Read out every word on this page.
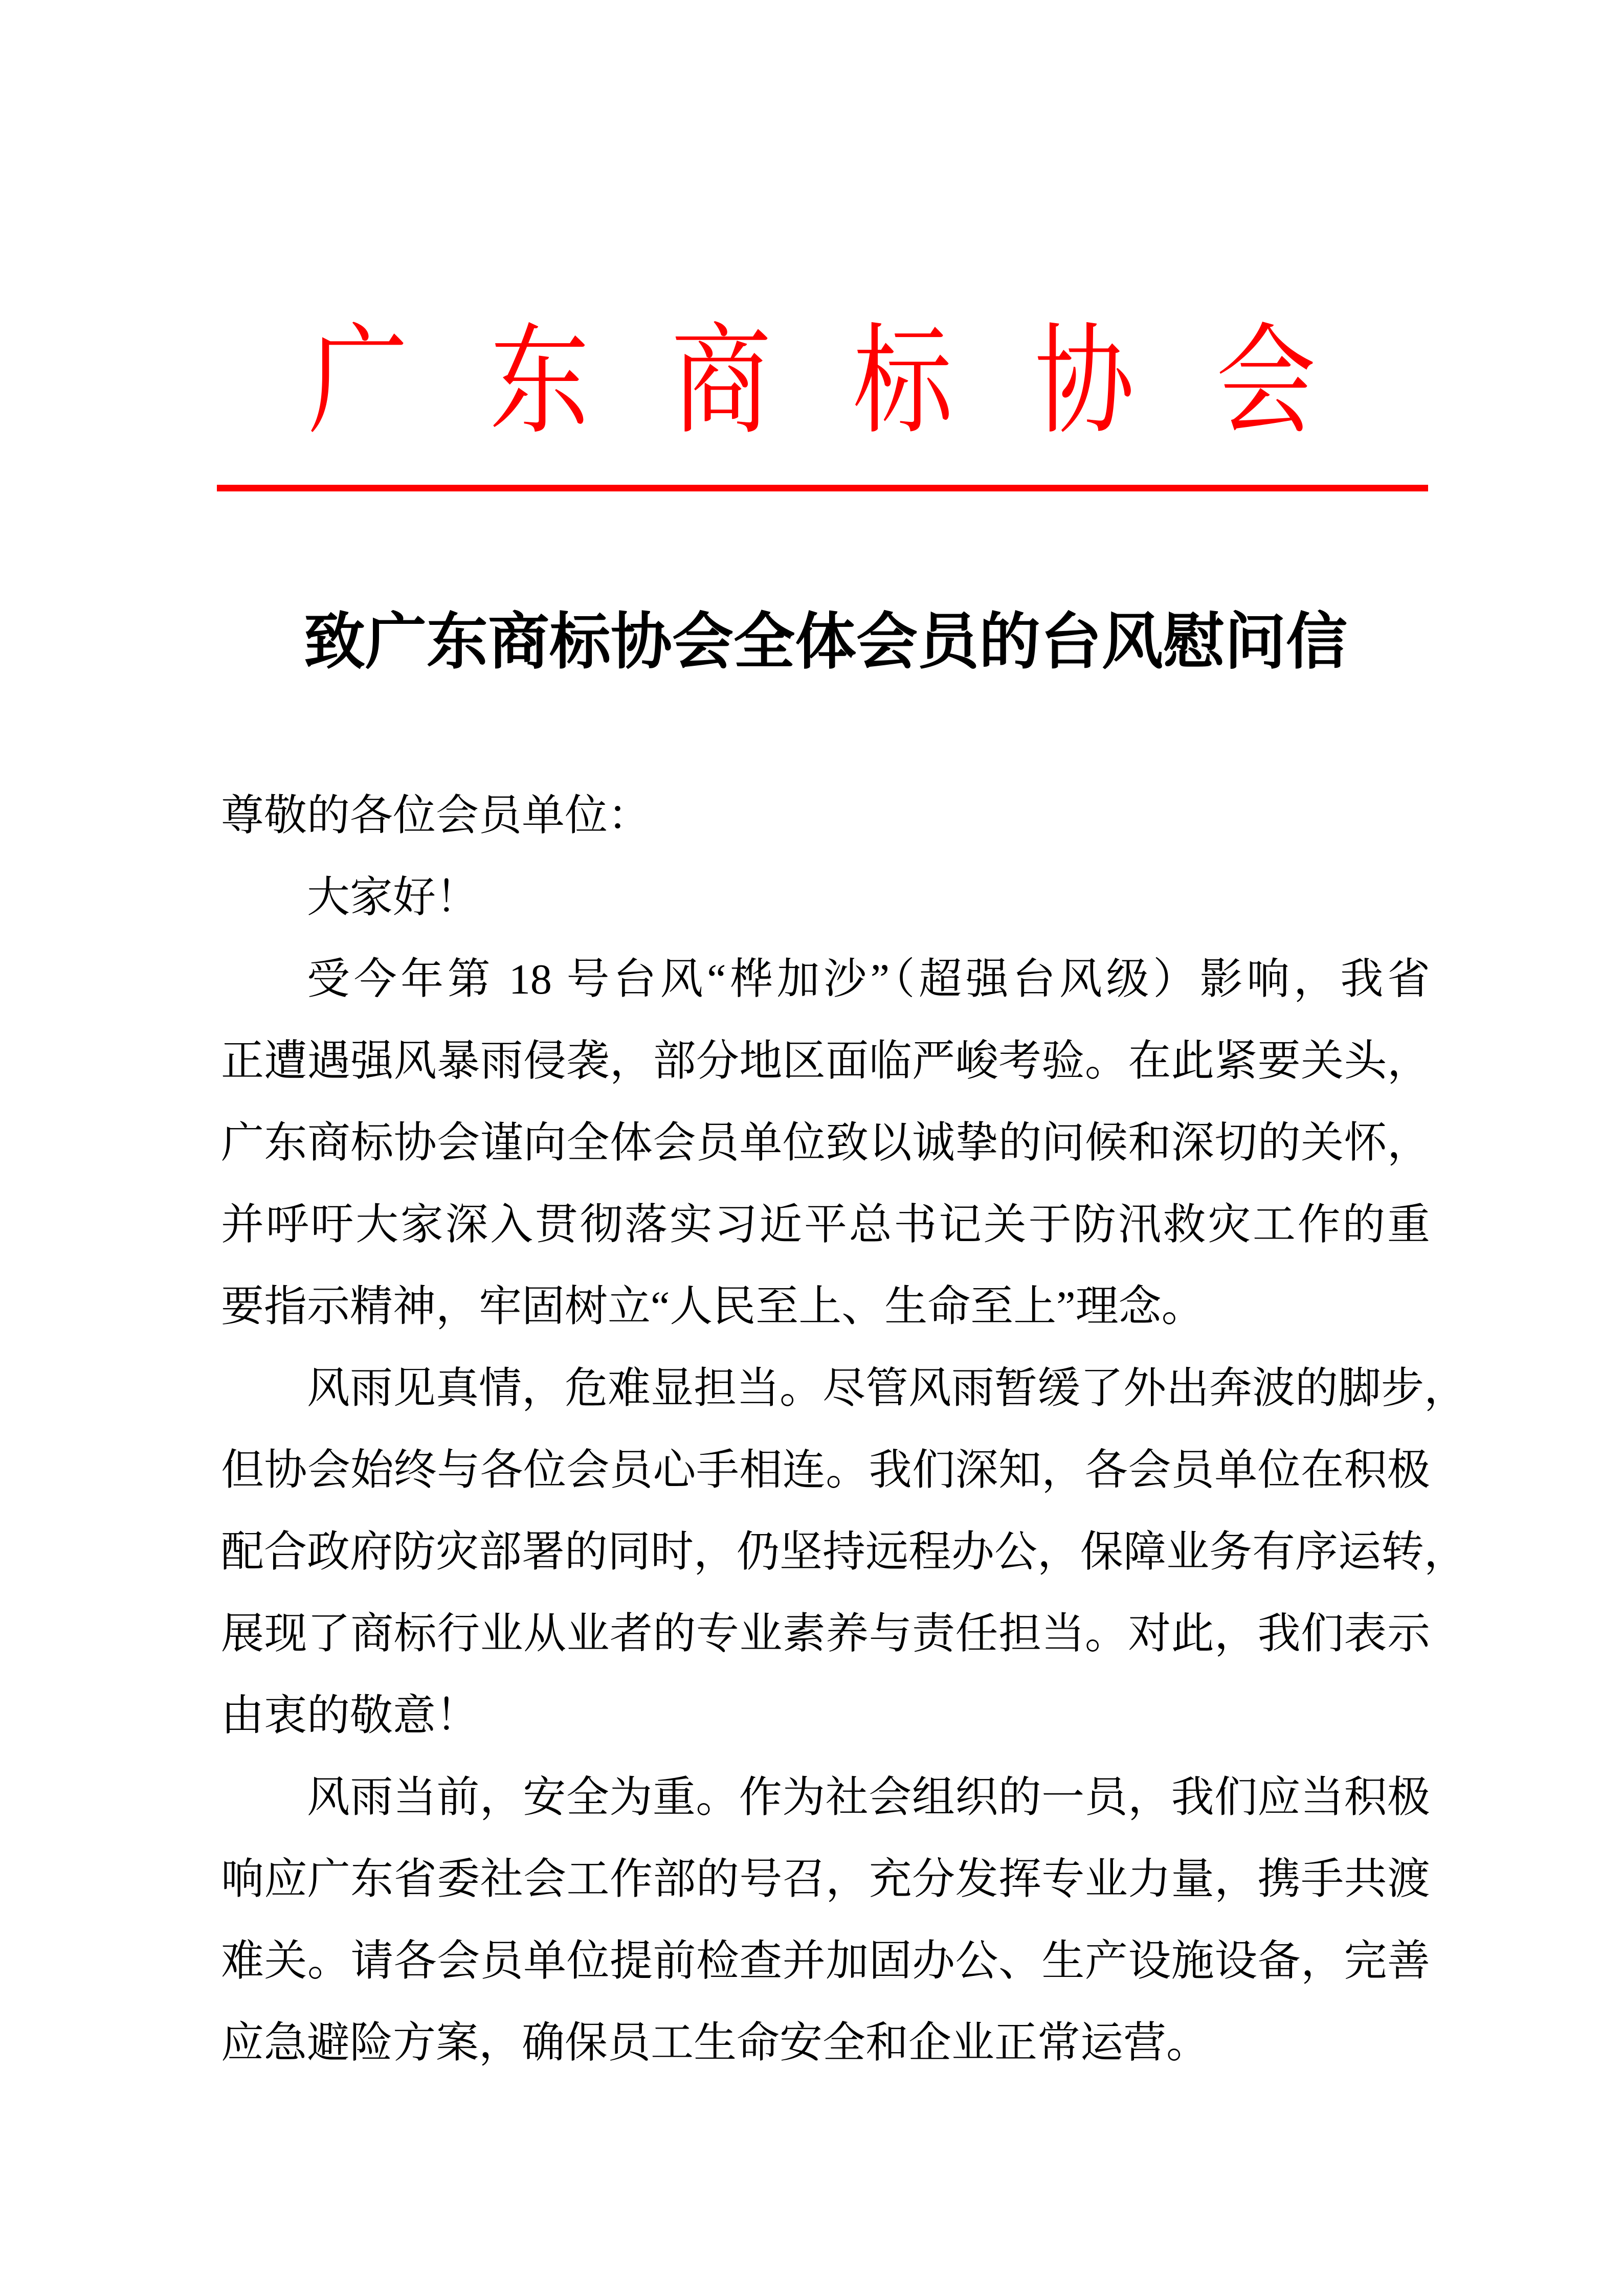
广东商标协会
致广东商标协会全体会员的台风慰问信
尊敬的各位会员单位：
大家好！
受今年第 18 号台风“桦加沙”（超强台风级）影响，我省
正遭遇强风暴雨侵袭，部分地区面临严峻考验。在此紧要关头，
广东商标协会谨向全体会员单位致以诚挚的问候和深切的关怀，
并呼吁大家深入贯彻落实习近平总书记关于防汛救灾工作的重
要指示精神，牢固树立“人民至上、生命至上”理念。
风雨见真情，危难显担当。尽管风雨暂缓了外出奔波的脚步，
但协会始终与各位会员心手相连。我们深知，各会员单位在积极
配合政府防灾部署的同时，仍坚持远程办公，保障业务有序运转，
展现了商标行业从业者的专业素养与责任担当。对此，我们表示
由衷的敬意！
风雨当前，安全为重。作为社会组织的一员，我们应当积极
响应广东省委社会工作部的号召，充分发挥专业力量，携手共渡
难关。请各会员单位提前检查并加固办公、生产设施设备，完善
应急避险方案，确保员工生命安全和企业正常运营。
